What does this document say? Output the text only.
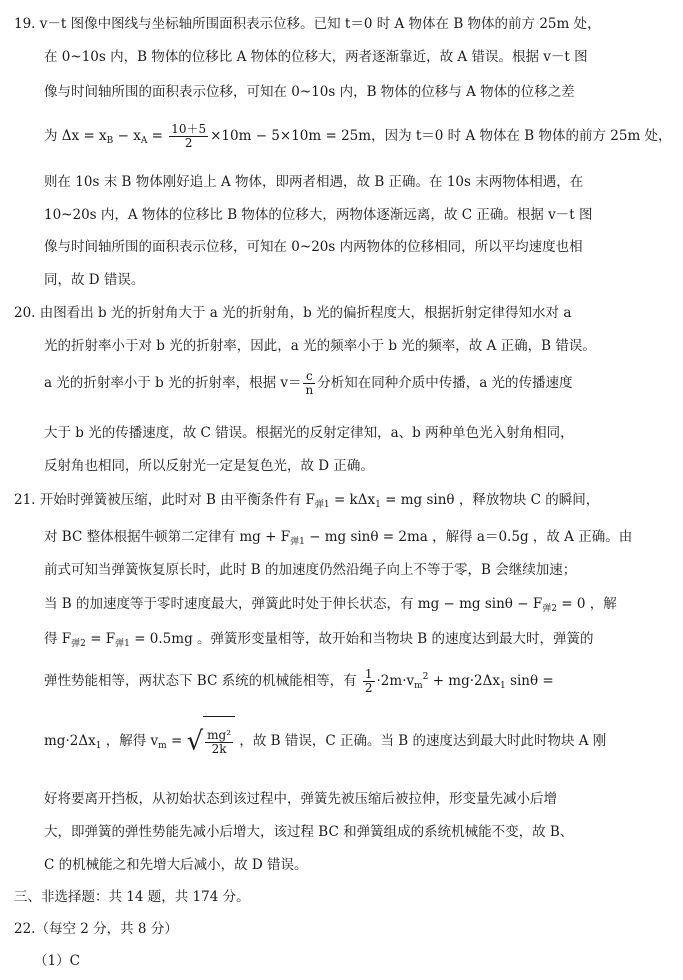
19. v－t 图像中图线与坐标轴所围面积表示位移。已知 t＝0 时 A 物体在 B 物体的前方 25m 处，
在 0~10s 内，B 物体的位移比 A 物体的位移大，两者逐渐靠近，故 A 错误。根据 v－t 图
像与时间轴所围的面积表示位移，可知在 0~10s 内，B 物体的位移与 A 物体的位移之差
为 $\Delta x = x_B - x_A = \frac{10+5}{2} \times 10m - 5\times 10m = 25m$，因为 t＝0 时 A 物体在 B 物体的前方 25m 处，
则在 10s 末 B 物体刚好追上 A 物体，即两者相遇，故 B 正确。在 10s 末两物体相遇，在
10~20s 内，A 物体的位移比 B 物体的位移大，两物体逐渐远离，故 C 正确。根据 v－t 图
像与时间轴所围的面积表示位移，可知在 0~20s 内两物体的位移相同，所以平均速度也相
同，故 D 错误。
20. 由图看出 b 光的折射角大于 a 光的折射角，b 光的偏折程度大，根据折射定律得知水对 a
光的折射率小于对 b 光的折射率，因此，a 光的频率小于 b 光的频率，故 A 正确，B 错误。
a 光的折射率小于 b 光的折射率，根据 $v= \frac{c}{n}$ 分析知在同种介质中传播，a 光的传播速度
大于 b 光的传播速度，故 C 错误。根据光的反射定律知，a、b 两种单色光入射角相同，
反射角也相同，所以反射光一定是复色光，故 D 正确。
21. 开始时弹簧被压缩，此时对 B 由平衡条件有 $F_{弹1} = k\Delta x_1$ = mg sinθ ，释放物块 C 的瞬间，
对 BC 整体根据牛顿第二定律有 mg + $F_{弹1}$ − mg sinθ = 2ma ，解得 a＝0.5g ，故 A 正确。由
前式可知当弹簧恢复原长时，此时 B 的加速度仍然沿绳子向上不等于零，B 会继续加速；
当 B 的加速度等于零时速度最大，弹簧此时处于伸长状态，有 mg − mg $\sin\theta - F_{弹2} = 0$ ，解
得 $F_{弹2} = F_{弹1} = 0.5mg$ 。弹簧形变量相等，故开始和当物块 B 的速度达到最大时，弹簧的
弹性势能相等，两状态下 BC 系统的机械能相等，有 $\frac{1}{2} \cdot 2m\cdot v_m^2 + mg\cdot 2\Delta x_1$ sinθ =
$mg\cdot 2\Delta x_1$ ，解得 $v_m$ = √ $\frac{\text{mg²}}{2k}$ ，故 B 错误，C 正确。当 B 的速度达到最大时此时物块 A 刚
好将要离开挡板，从初始状态到该过程中，弹簧先被压缩后被拉伸，形变量先减小后增
大，即弹簧的弹性势能先减小后增大，该过程 BC 和弹簧组成的系统机械能不变，故 B、
C 的机械能之和先增大后减小，故 D 错误。
三、非选择题：共 14 题，共 174 分。
22.（每空 2 分，共 8 分）
（1）C
